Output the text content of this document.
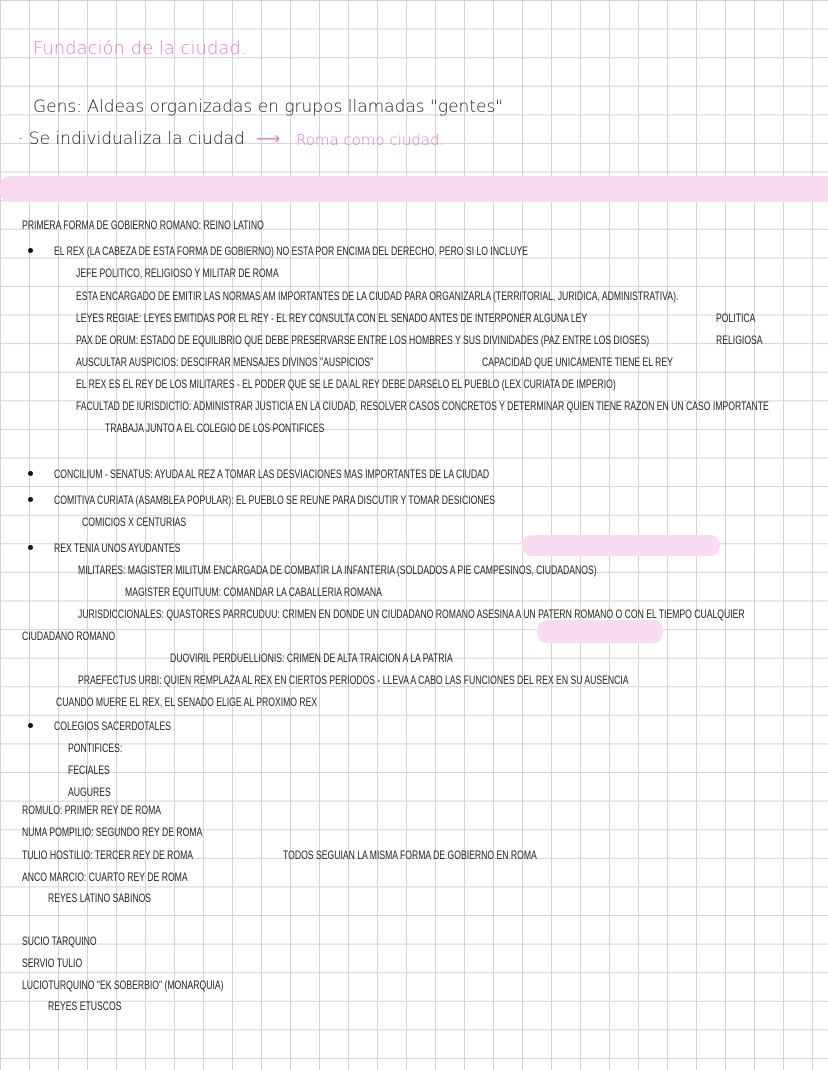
Fundación de la ciudad.
Gens: Aldeas organizadas en grupos llamadas "gentes"
· Se individualiza la ciudad ⟶ Roma como ciudad.
PRIMERA FORMA DE GOBIERNO ROMANO: REINO LATINO
EL REX (LA CABEZA DE ESTA FORMA DE GOBIERNO) NO ESTA POR ENCIMA DEL DERECHO, PERO SI LO INCLUYE
JEFE POLITICO, RELIGIOSO Y MILITAR DE ROMA
ESTA ENCARGADO DE EMITIR LAS NORMAS AM IMPORTANTES DE LA CIUDAD PARA ORGANIZARLA (TERRITORIAL, JURIDICA, ADMINISTRATIVA).
LEYES REGIAE: LEYES EMITIDAS POR EL REY - EL REY CONSULTA CON EL SENADO ANTES DE INTERPONER ALGUNA LEY	POLITICA
PAX DE ORUM: ESTADO DE EQUILIBRIO QUE DEBE PRESERVARSE ENTRE LOS HOMBRES Y SUS DIVINIDADES (PAZ ENTRE LOS DIOSES)	RELIGIOSA
AUSCULTAR AUSPICIOS: DESCIFRAR MENSAJES DIVINOS "AUSPICIOS"	CAPACIDAD QUE UNICAMENTE TIENE EL REY
EL REX ES EL REY DE LOS MILITARES - EL PODER QUE SE LE DA AL REY DEBE DARSELO EL PUEBLO (LEX CURIATA DE IMPERIO)
FACULTAD DE IURISDICTIO: ADMINISTRAR JUSTICIA EN LA CIUDAD, RESOLVER CASOS CONCRETOS Y DETERMINAR QUIEN TIENE RAZON EN UN CASO IMPORTANTE
TRABAJA JUNTO A EL COLEGIO DE LOS PONTIFICES
CONCILIUM - SENATUS: AYUDA AL REZ A TOMAR LAS DESVIACIONES MAS IMPORTANTES DE LA CIUDAD
COMITIVA CURIATA (ASAMBLEA POPULAR): EL PUEBLO SE REUNE PARA DISCUTIR Y TOMAR DESICIONES
COMICIOS X CENTURIAS
REX TENIA UNOS AYUDANTES
MILITARES: MAGISTER MILITUM ENCARGADA DE COMBATIR LA INFANTERIA (SOLDADOS A PIE CAMPESINOS, CIUDADANOS)
MAGISTER EQUITUUM: COMANDAR LA CABALLERIA ROMANA
JURISDICCIONALES: QUASTORES PARRCUDUU: CRIMEN EN DONDE UN CIUDADANO ROMANO ASESINA A UN PATERN ROMANO O CON EL TIEMPO CUALQUIER
CIUDADANO ROMANO
DUOVIRIL PERDUELLIONIS: CRIMEN DE ALTA TRAICION A LA PATRIA
PRAEFECTUS URBI: QUIEN REMPLAZA AL REX EN CIERTOS PERIODOS - LLEVA A CABO LAS FUNCIONES DEL REX EN SU AUSENCIA
CUANDO MUERE EL REX, EL SENADO ELIGE AL PROXIMO REX
COLEGIOS SACERDOTALES
PONTIFICES:
FECIALES
AUGURES
ROMULO: PRIMER REY DE ROMA
NUMA POMPILIO: SEGUNDO REY DE ROMA
TULIO HOSTILIO: TERCER REY DE ROMA	TODOS SEGUIAN LA MISMA FORMA DE GOBIERNO EN ROMA
ANCO MARCIO: CUARTO REY DE ROMA
REYES LATINO SABINOS
SUCIO TARQUINO
SERVIO TULIO
LUCIOTURQUINO "EK SOBERBIO" (MONARQUIA)
REYES ETUSCOS
